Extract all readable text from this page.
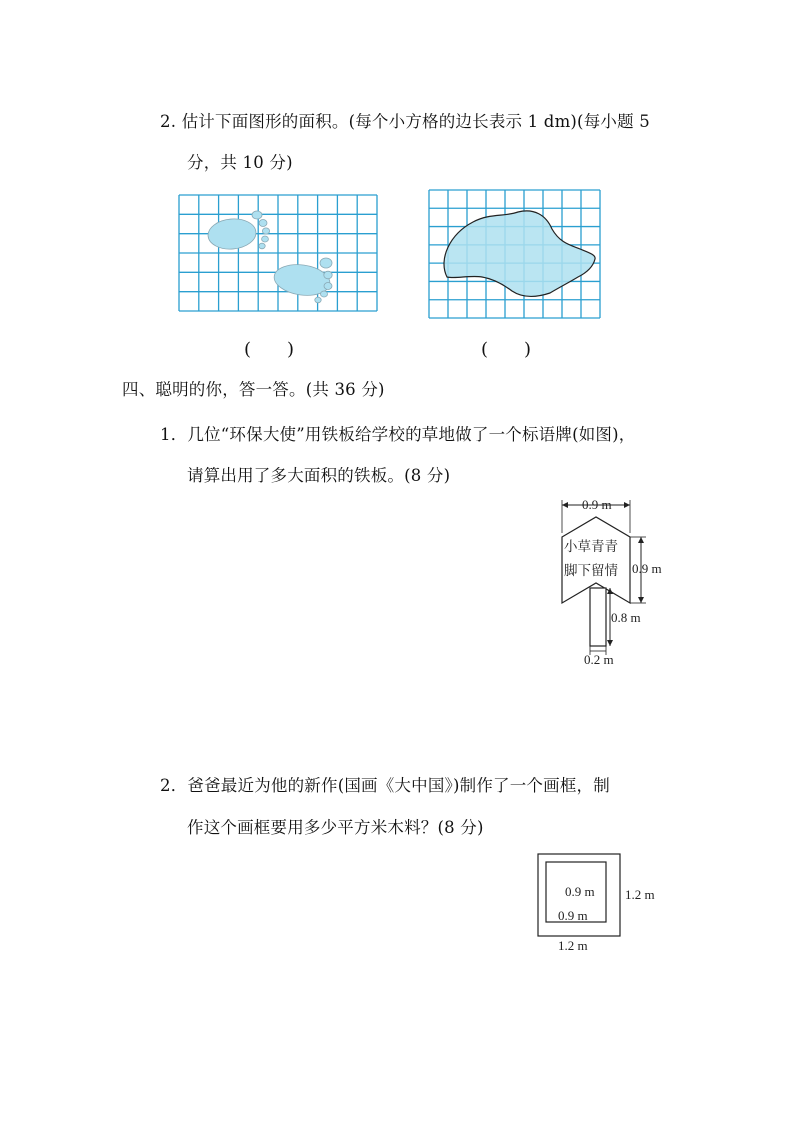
2. 估计下面图形的面积。(每个小方格的边长表示 1 dm)(每小题 5
分，共 10 分)
(　　)	(　　)
四、聪明的你，答一答。(共 36 分)
1．几位“环保大使”用铁板给学校的草地做了一个标语牌(如图)，
请算出用了多大面积的铁板。(8 分)
0.9 m
小草青青
脚下留情 0.9 m
0.8 m
0.2 m
2．爸爸最近为他的新作(国画《大中国》)制作了一个画框，制
作这个画框要用多少平方米木料？(8 分)
0.9 m
0.9 m
1.2 m
1.2 m
